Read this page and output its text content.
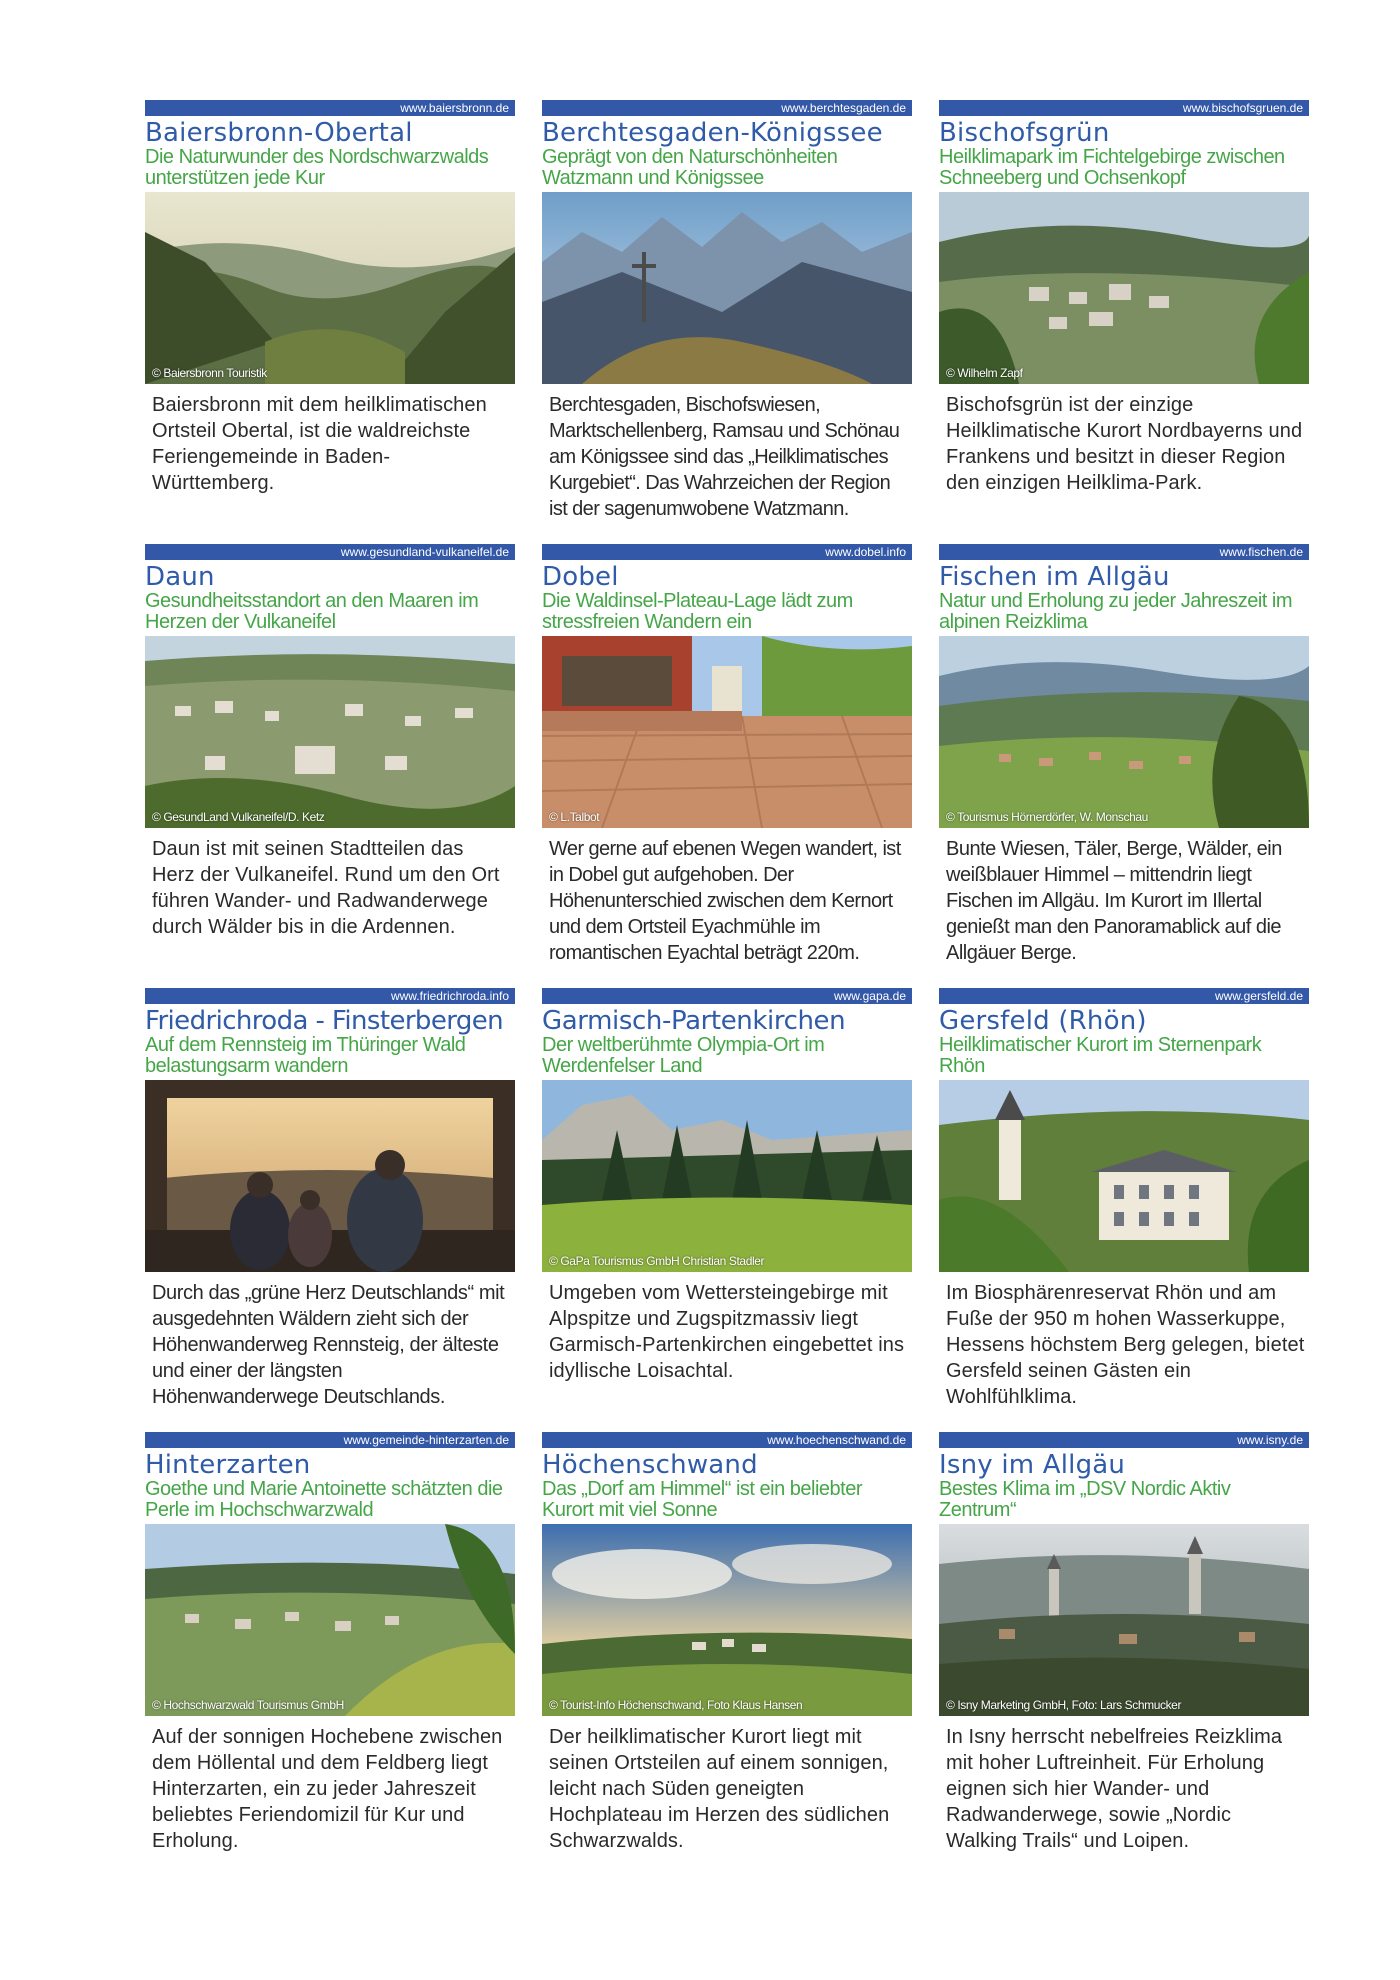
www.baiersbronn.de
Baiersbronn-Obertal
Die Naturwunder des Nordschwarzwalds unterstützen jede Kur
© Baiersbronn Touristik
Baiersbronn mit dem heilklimatischen Ortsteil Obertal, ist die waldreichste Feriengemeinde in Baden-Württemberg.
www.berchtesgaden.de
Berchtesgaden-Königssee
Geprägt von den Naturschönheiten Watzmann und Königssee
Berchtesgaden, Bischofswiesen, Marktschellenberg, Ramsau und Schönau am Königssee sind das „Heilklimatisches Kurgebiet“. Das Wahrzeichen der Region ist der sagenumwobene Watzmann.
www.bischofsgruen.de
Bischofsgrün
Heilklimapark im Fichtelgebirge zwischen Schneeberg und Ochsenkopf
© Wilhelm Zapf
Bischofsgrün ist der einzige Heilklimatische Kurort Nordbayerns und Frankens und besitzt in dieser Region den einzigen Heilklima-Park.
www.gesundland-vulkaneifel.de
Daun
Gesundheitsstandort an den Maaren im Herzen der Vulkaneifel
© GesundLand Vulkaneifel/D. Ketz
Daun ist mit seinen Stadtteilen das Herz der Vulkaneifel. Rund um den Ort führen Wander- und Radwanderwege durch Wälder bis in die Ardennen.
www.dobel.info
Dobel
Die Waldinsel-Plateau-Lage lädt zum stressfreien Wandern ein
© L.Talbot
Wer gerne auf ebenen Wegen wandert, ist in Dobel gut aufgehoben. Der Höhenunterschied zwischen dem Kernort und dem Ortsteil Eyachmühle im romantischen Eyachtal beträgt 220m.
www.fischen.de
Fischen im Allgäu
Natur und Erholung zu jeder Jahreszeit im alpinen Reizklima
© Tourismus Hörnerdörfer, W. Monschau
Bunte Wiesen, Täler, Berge, Wälder, ein weißblauer Himmel – mittendrin liegt Fischen im Allgäu. Im Kurort im Illertal genießt man den Panoramablick auf die Allgäuer Berge.
www.friedrichroda.info
Friedrichroda - Finsterbergen
Auf dem Rennsteig im Thüringer Wald belastungsarm wandern
Durch das „grüne Herz Deutschlands“ mit ausgedehnten Wäldern zieht sich der Höhenwanderweg Rennsteig, der älteste und einer der längsten Höhenwanderwege Deutschlands.
www.gapa.de
Garmisch-Partenkirchen
Der weltberühmte Olympia-Ort im Werdenfelser Land
© GaPa Tourismus GmbH Christian Stadler
Umgeben vom Wettersteingebirge mit Alpspitze und Zugspitzmassiv liegt Garmisch-Partenkirchen eingebettet ins idyllische Loisachtal.
www.gersfeld.de
Gersfeld (Rhön)
Heilklimatischer Kurort im Sternenpark Rhön
Im Biosphärenreservat Rhön und am Fuße der 950 m hohen Wasserkuppe, Hessens höchstem Berg gelegen, bietet Gersfeld seinen Gästen ein Wohlfühlklima.
www.gemeinde-hinterzarten.de
Hinterzarten
Goethe und Marie Antoinette schätzten die Perle im Hochschwarzwald
© Hochschwarzwald Tourismus GmbH
Auf der sonnigen Hochebene zwischen dem Höllental und dem Feldberg liegt Hinterzarten, ein zu jeder Jahreszeit beliebtes Feriendomizil für Kur und Erholung.
www.hoechenschwand.de
Höchenschwand
Das „Dorf am Himmel“ ist ein beliebter Kurort mit viel Sonne
© Tourist-Info Höchenschwand, Foto Klaus Hansen
Der heilklimatischer Kurort liegt mit seinen Ortsteilen auf einem sonnigen, leicht nach Süden geneigten Hochplateau im Herzen des südlichen Schwarzwalds.
www.isny.de
Isny im Allgäu
Bestes Klima im „DSV Nordic Aktiv Zentrum“
© Isny Marketing GmbH, Foto: Lars Schmucker
In Isny herrscht nebelfreies Reizklima mit hoher Luftreinheit. Für Erholung eignen sich hier Wander- und Radwanderwege, sowie „Nordic Walking Trails“ und Loipen.
